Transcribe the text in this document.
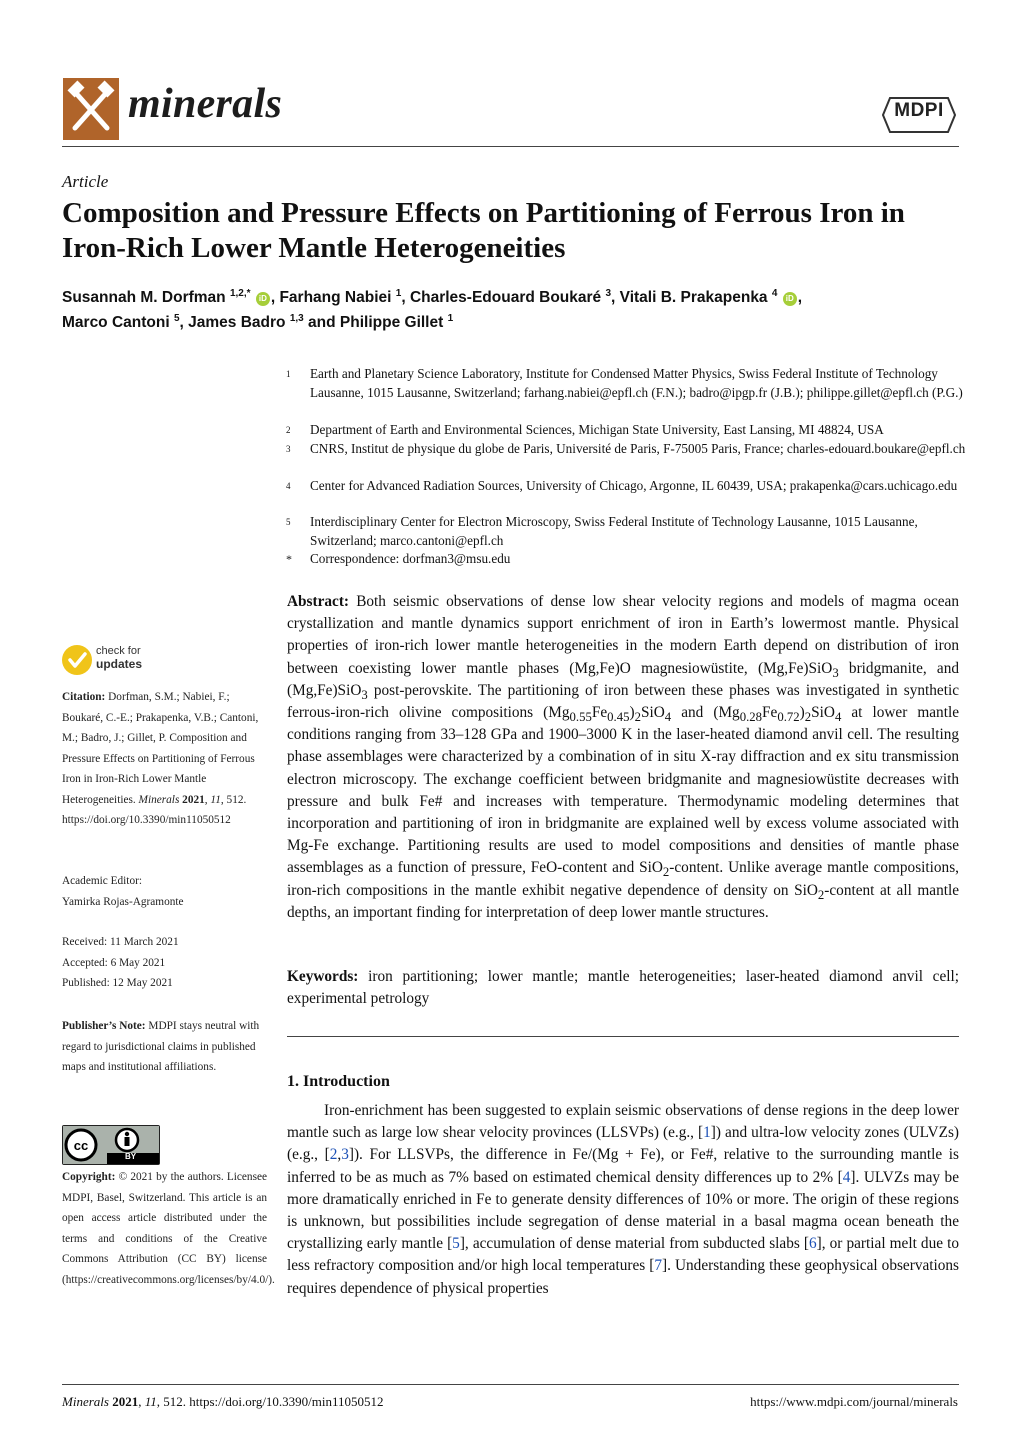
minerals	MDPI
Article
Composition and Pressure Effects on Partitioning of Ferrous Iron in Iron-Rich Lower Mantle Heterogeneities
Susannah M. Dorfman $^{1,2,*}$ iD , Farhang Nabiei $^1$, Charles-Edouard Boukaré $^3$, Vitali B. Prakapenka $^4$ iD ,
Marco Cantoni $^5$, James Badro $^{1,3}$ and Philippe Gillet $^1$
1 Earth and Planetary Science Laboratory, Institute for Condensed Matter Physics, Swiss Federal Institute of Technology Lausanne, 1015 Lausanne, Switzerland; farhang.nabiei@epfl.ch (F.N.); badro@ipgp.fr (J.B.); philippe.gillet@epfl.ch (P.G.)
2 Department of Earth and Environmental Sciences, Michigan State University, East Lansing, MI 48824, USA
3 CNRS, Institut de physique du globe de Paris, Université de Paris, F-75005 Paris, France; charles-edouard.boukare@epfl.ch
4 Center for Advanced Radiation Sources, University of Chicago, Argonne, IL 60439, USA; prakapenka@cars.uchicago.edu
5 Interdisciplinary Center for Electron Microscopy, Swiss Federal Institute of Technology Lausanne, 1015 Lausanne, Switzerland; marco.cantoni@epfl.ch
* Correspondence: dorfman3@msu.edu
check for
updates
Citation: Dorfman, S.M.; Nabiei, F.; Boukaré, C.-E.; Prakapenka, V.B.; Cantoni, M.; Badro, J.; Gillet, P. Composition and Pressure Effects on Partitioning of Ferrous Iron in Iron-Rich Lower Mantle Heterogeneities. Minerals 2021, 11, 512. https://doi.org/10.3390/min11050512
Academic Editor:
Yamirka Rojas-Agramonte
Received: 11 March 2021
Accepted: 6 May 2021
Published: 12 May 2021
Publisher’s Note: MDPI stays neutral with regard to jurisdictional claims in published maps and institutional affiliations.
cc
BY
Copyright: © 2021 by the authors. Licensee MDPI, Basel, Switzerland. This article is an open access article distributed under the terms and conditions of the Creative Commons Attribution (CC BY) license (https://creativecommons.org/licenses/by/4.0/).

Abstract: Both seismic observations of dense low shear velocity regions and models of magma ocean crystallization and mantle dynamics support enrichment of iron in Earth’s lowermost mantle. Physical properties of iron-rich lower mantle heterogeneities in the modern Earth depend on distribution of iron between coexisting lower mantle phases (Mg,Fe)O magnesiowüstite, (Mg,Fe)SiO$_3$ bridgmanite, and (Mg,Fe)SiO$_3$ post-perovskite. The partitioning of iron between these phases was investigated in synthetic ferrous-iron-rich olivine compositions $(Mg_{0.55}Fe_{0.45})_2SiO_4$ and $(Mg_{0.28}Fe_{0.72})_2SiO_4$ at lower mantle conditions ranging from 33–128 GPa and 1900–3000 K in the laser-heated diamond anvil cell. The resulting phase assemblages were characterized by a combination of in situ X-ray diffraction and ex situ transmission electron microscopy. The exchange coefficient between bridgmanite and magnesiowüstite decreases with pressure and bulk Fe# and increases with temperature. Thermodynamic modeling determines that incorporation and partitioning of iron in bridgmanite are explained well by excess volume associated with Mg-Fe exchange. Partitioning results are used to model compositions and densities of mantle phase assemblages as a function of pressure, FeO-content and SiO$_2$-content. Unlike average mantle compositions, iron-rich compositions in the mantle exhibit negative dependence of density on SiO$_2$-content at all mantle depths, an important finding for interpretation of deep lower mantle structures.

Keywords: iron partitioning; lower mantle; mantle heterogeneities; laser-heated diamond anvil cell; experimental petrology

1. Introduction

Iron-enrichment has been suggested to explain seismic observations of dense regions in the deep lower mantle such as large low shear velocity provinces (LLSVPs) (e.g., [1]) and ultra-low velocity zones (ULVZs) (e.g., [2,3]). For LLSVPs, the difference in Fe/(Mg + Fe), or Fe#, relative to the surrounding mantle is inferred to be as much as 7% based on estimated chemical density differences up to 2% [4]. ULVZs may be more dramatically enriched in Fe to generate density differences of 10% or more. The origin of these regions is unknown, but possibilities include segregation of dense material in a basal magma ocean beneath the crystallizing early mantle [5], accumulation of dense material from subducted slabs [6], or partial melt due to less refractory composition and/or high local temperatures [7]. Understanding these geophysical observations requires dependence of physical properties

Minerals 2021, 11, 512. https://doi.org/10.3390/min11050512	https://www.mdpi.com/journal/minerals
